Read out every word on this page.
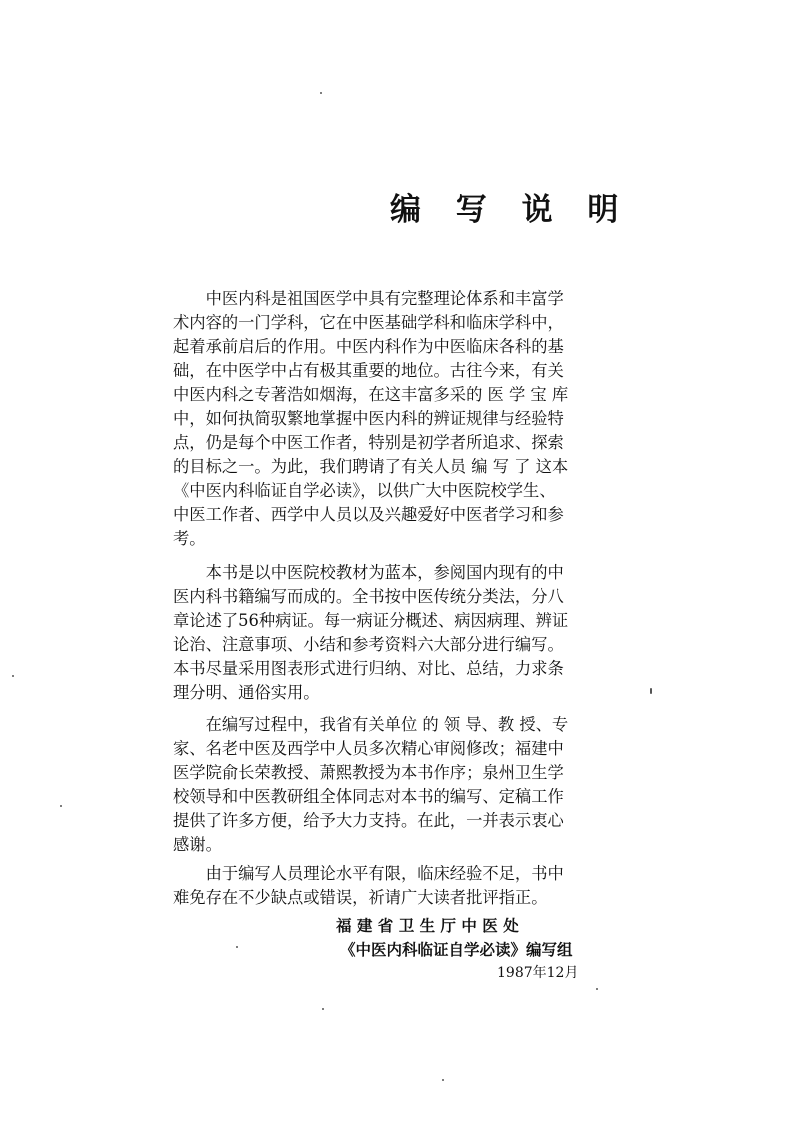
编 写 说 明
　　中医内科是祖国医学中具有完整理论体系和丰富学
术内容的一门学科，它在中医基础学科和临床学科中，
起着承前启后的作用。中医内科作为中医临床各科的基
础，在中医学中占有极其重要的地位。古往今来，有关
中医内科之专著浩如烟海，在这丰富多采的 医 学 宝 库
中，如何执简驭繁地掌握中医内科的辨证规律与经验特
点，仍是每个中医工作者，特别是初学者所追求、探索
的目标之一。为此，我们聘请了有关人员 编 写 了 这本
《中医内科临证自学必读》，以供广大中医院校学生、
中医工作者、西学中人员以及兴趣爱好中医者学习和参
考。
　　本书是以中医院校教材为蓝本，参阅国内现有的中
医内科书籍编写而成的。全书按中医传统分类法，分八
章论述了56种病证。每一病证分概述、病因病理、辨证
论治、注意事项、小结和参考资料六大部分进行编写。
本书尽量采用图表形式进行归纳、对比、总结，力求条
理分明、通俗实用。
　　在编写过程中，我省有关单位 的 领 导、教 授、专
家、名老中医及西学中人员多次精心审阅修改；福建中
医学院俞长荣教授、萧熙教授为本书作序；泉州卫生学
校领导和中医教研组全体同志对本书的编写、定稿工作
提供了许多方便，给予大力支持。在此，一并表示衷心
感谢。
　　由于编写人员理论水平有限，临床经验不足，书中
难免存在不少缺点或错误，祈请广大读者批评指正。
福建省卫生厅中医处
《中医内科临证自学必读》编写组
1987年12月
